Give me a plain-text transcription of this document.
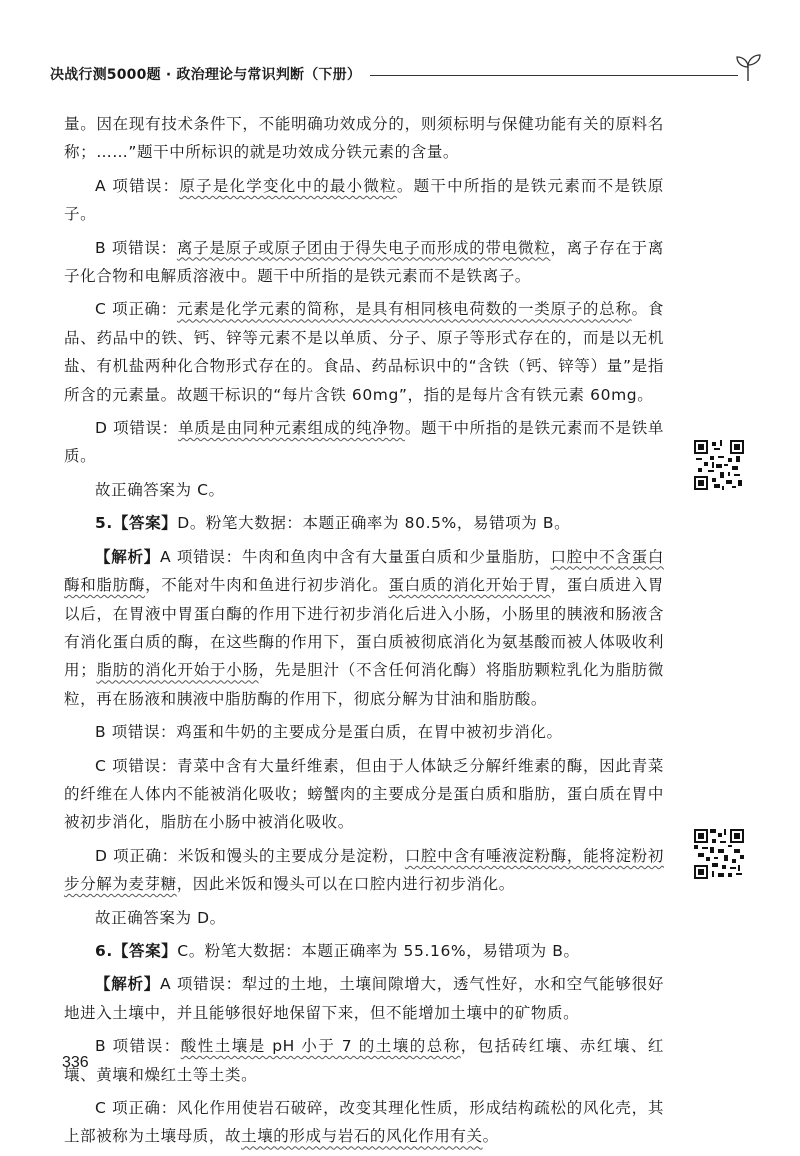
决战行测5000题 · 政治理论与常识判断（下册）

量。因在现有技术条件下，不能明确功效成分的，则须标明与保健功能有关的原料名称；……”题干中所标识的就是功效成分铁元素的含量。

A 项错误：原子是化学变化中的最小微粒。题干中所指的是铁元素而不是铁原子。

B 项错误：离子是原子或原子团由于得失电子而形成的带电微粒，离子存在于离子化合物和电解质溶液中。题干中所指的是铁元素而不是铁离子。

C 项正确：元素是化学元素的简称，是具有相同核电荷数的一类原子的总称。食品、药品中的铁、钙、锌等元素不是以单质、分子、原子等形式存在的，而是以无机盐、有机盐两种化合物形式存在的。食品、药品标识中的“含铁（钙、锌等）量”是指所含的元素量。故题干标识的“每片含铁 60mg”，指的是每片含有铁元素 60mg。

D 项错误：单质是由同种元素组成的纯净物。题干中所指的是铁元素而不是铁单质。

故正确答案为 C。

5.【答案】D。粉笔大数据：本题正确率为 80.5%，易错项为 B。

【解析】A 项错误：牛肉和鱼肉中含有大量蛋白质和少量脂肪，口腔中不含蛋白酶和脂肪酶，不能对牛肉和鱼进行初步消化。蛋白质的消化开始于胃，蛋白质进入胃以后，在胃液中胃蛋白酶的作用下进行初步消化后进入小肠，小肠里的胰液和肠液含有消化蛋白质的酶，在这些酶的作用下，蛋白质被彻底消化为氨基酸而被人体吸收利用；脂肪的消化开始于小肠，先是胆汁（不含任何消化酶）将脂肪颗粒乳化为脂肪微粒，再在肠液和胰液中脂肪酶的作用下，彻底分解为甘油和脂肪酸。

B 项错误：鸡蛋和牛奶的主要成分是蛋白质，在胃中被初步消化。

C 项错误：青菜中含有大量纤维素，但由于人体缺乏分解纤维素的酶，因此青菜的纤维在人体内不能被消化吸收；螃蟹肉的主要成分是蛋白质和脂肪，蛋白质在胃中被初步消化，脂肪在小肠中被消化吸收。

D 项正确：米饭和馒头的主要成分是淀粉，口腔中含有唾液淀粉酶，能将淀粉初步分解为麦芽糖，因此米饭和馒头可以在口腔内进行初步消化。

故正确答案为 D。

6.【答案】C。粉笔大数据：本题正确率为 55.16%，易错项为 B。

【解析】A 项错误：犁过的土地，土壤间隙增大，透气性好，水和空气能够很好地进入土壤中，并且能够很好地保留下来，但不能增加土壤中的矿物质。

B 项错误：酸性土壤是 pH 小于 7 的土壤的总称，包括砖红壤、赤红壤、红壤、黄壤和燥红土等土类。

C 项正确：风化作用使岩石破碎，改变其理化性质，形成结构疏松的风化壳，其上部被称为土壤母质，故土壤的形成与岩石的风化作用有关。

336
